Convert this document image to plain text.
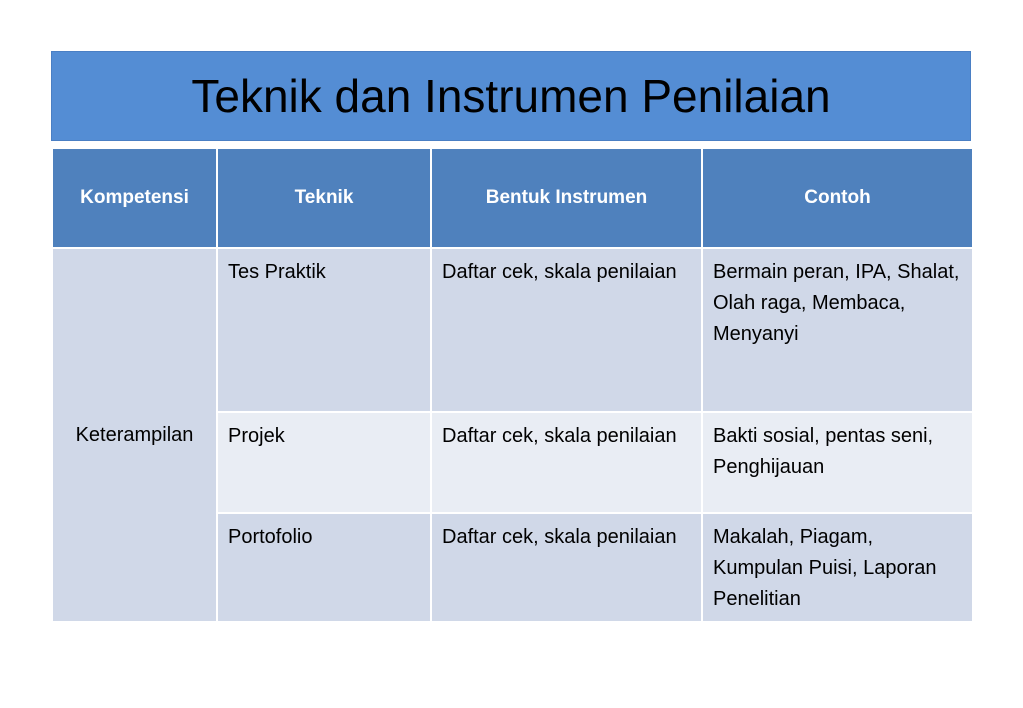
Teknik dan Instrumen Penilaian
Kompetensi	Teknik	Bentuk Instrumen	Contoh
Keterampilan	Tes Praktik	Daftar cek, skala penilaian	Bermain peran, IPA, Shalat, Olah raga, Membaca, Menyanyi
	Projek	Daftar cek, skala penilaian	Bakti sosial, pentas seni, Penghijauan
	Portofolio	Daftar cek, skala penilaian	Makalah, Piagam, Kumpulan Puisi, Laporan Penelitian
